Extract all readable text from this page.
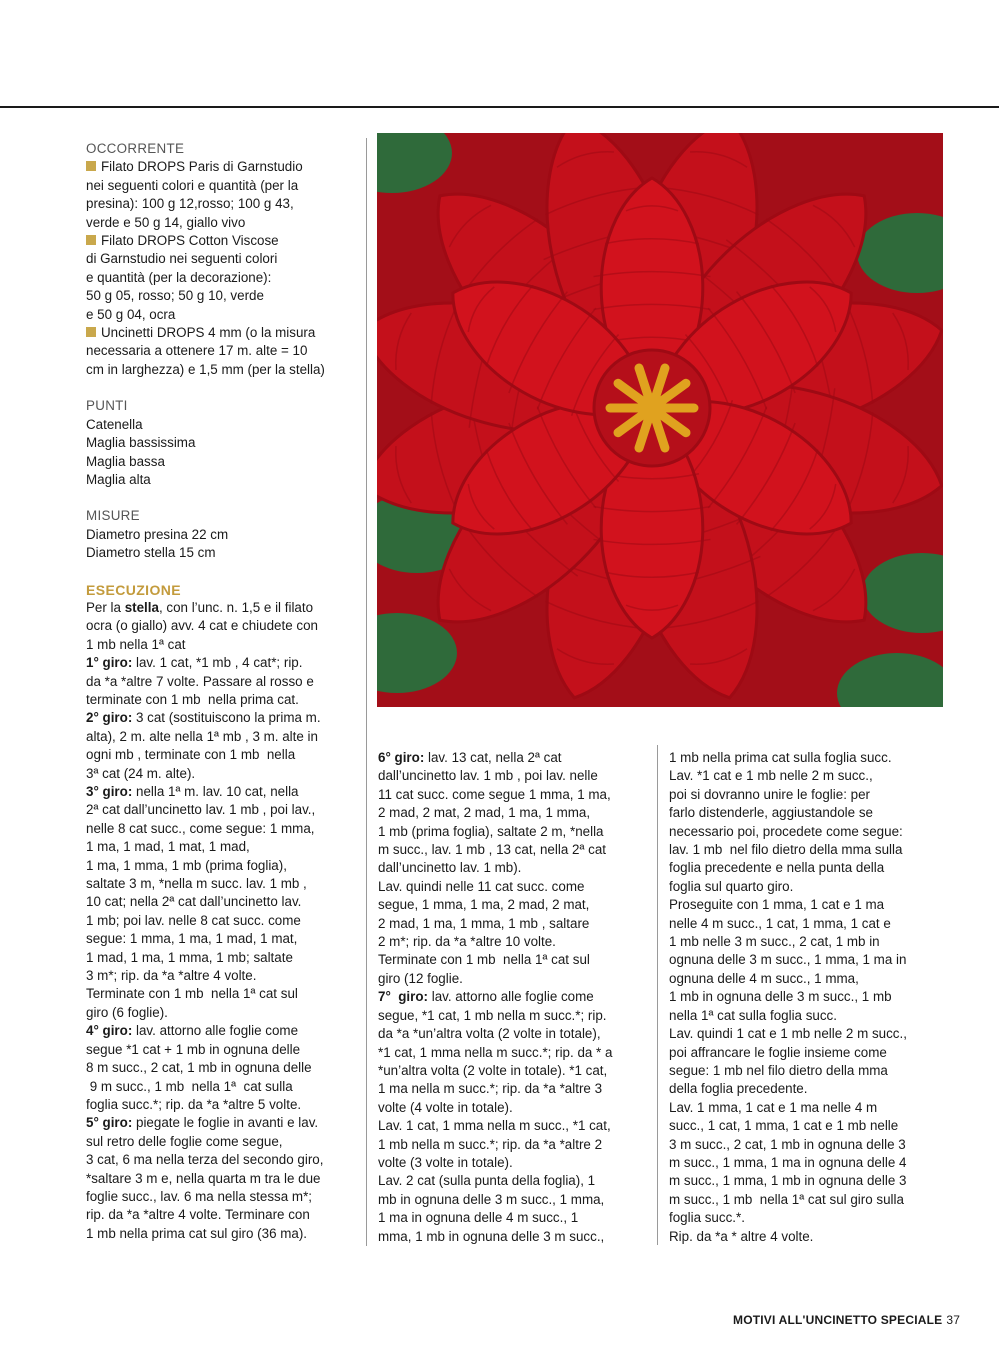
OCCORRENTE
Filato DROPS Paris di Garnstudio
nei seguenti colori e quantità (per la
presina): 100 g 12,rosso; 100 g 43,
verde e 50 g 14, giallo vivo
Filato DROPS Cotton Viscose
di Garnstudio nei seguenti colori
e quantità (per la decorazione):
50 g 05, rosso; 50 g 10, verde
e 50 g 04, ocra
Uncinetti DROPS 4 mm (o la misura
necessaria a ottenere 17 m. alte = 10
cm in larghezza) e 1,5 mm (per la stella)
PUNTI
Catenella
Maglia bassissima
Maglia bassa
Maglia alta
MISURE
Diametro presina 22 cm
Diametro stella 15 cm
ESECUZIONE
Per la stella, con l’unc. n. 1,5 e il filato
ocra (o giallo) avv. 4 cat e chiudete con
1 mb nella 1ª cat
1° giro: lav. 1 cat, *1 mb , 4 cat*; rip.
da *a *altre 7 volte. Passare al rosso e
terminate con 1 mb  nella prima cat.
2° giro: 3 cat (sostituiscono la prima m.
alta), 2 m. alte nella 1ª mb , 3 m. alte in
ogni mb , terminate con 1 mb  nella
3ª cat (24 m. alte).
3° giro: nella 1ª m. lav. 10 cat, nella
2ª cat dall’uncinetto lav. 1 mb , poi lav.,
nelle 8 cat succ., come segue: 1 mma,
1 ma, 1 mad, 1 mat, 1 mad,
1 ma, 1 mma, 1 mb (prima foglia),
saltate 3 m, *nella m succ. lav. 1 mb ,
10 cat; nella 2ª cat dall’uncinetto lav.
1 mb; poi lav. nelle 8 cat succ. come
segue: 1 mma, 1 ma, 1 mad, 1 mat,
1 mad, 1 ma, 1 mma, 1 mb; saltate
3 m*; rip. da *a *altre 4 volte.
Terminate con 1 mb  nella 1ª cat sul
giro (6 foglie).
4° giro: lav. attorno alle foglie come
segue *1 cat + 1 mb in ognuna delle
8 m succ., 2 cat, 1 mb in ognuna delle
9 m succ., 1 mb  nella 1ª  cat sulla
foglia succ.*; rip. da *a *altre 5 volte.
5° giro: piegate le foglie in avanti e lav.
sul retro delle foglie come segue,
3 cat, 6 ma nella terza del secondo giro,
*saltare 3 m e, nella quarta m tra le due
foglie succ., lav. 6 ma nella stessa m*;
rip. da *a *altre 4 volte. Terminare con
1 mb nella prima cat sul giro (36 ma).
6° giro: lav. 13 cat, nella 2ª cat
dall’uncinetto lav. 1 mb , poi lav. nelle
11 cat succ. come segue 1 mma, 1 ma,
2 mad, 2 mat, 2 mad, 1 ma, 1 mma,
1 mb (prima foglia), saltate 2 m, *nella
m succ., lav. 1 mb , 13 cat, nella 2ª cat
dall’uncinetto lav. 1 mb).
Lav. quindi nelle 11 cat succ. come
segue, 1 mma, 1 ma, 2 mad, 2 mat,
2 mad, 1 ma, 1 mma, 1 mb , saltare
2 m*; rip. da *a *altre 10 volte.
Terminate con 1 mb  nella 1ª cat sul
giro (12 foglie.
7°  giro: lav. attorno alle foglie come
segue, *1 cat, 1 mb nella m succ.*; rip.
da *a *un’altra volta (2 volte in totale),
*1 cat, 1 mma nella m succ.*; rip. da * a
*un’altra volta (2 volte in totale). *1 cat,
1 ma nella m succ.*; rip. da *a *altre 3
volte (4 volte in totale).
Lav. 1 cat, 1 mma nella m succ., *1 cat,
1 mb nella m succ.*; rip. da *a *altre 2
volte (3 volte in totale).
Lav. 2 cat (sulla punta della foglia), 1
mb in ognuna delle 3 m succ., 1 mma,
1 ma in ognuna delle 4 m succ., 1
mma, 1 mb in ognuna delle 3 m succ.,
1 mb nella prima cat sulla foglia succ.
Lav. *1 cat e 1 mb nelle 2 m succ.,
poi si dovranno unire le foglie: per
farlo distenderle, aggiustandole se
necessario poi, procedete come segue:
lav. 1 mb  nel filo dietro della mma sulla
foglia precedente e nella punta della
foglia sul quarto giro.
Proseguite con 1 mma, 1 cat e 1 ma
nelle 4 m succ., 1 cat, 1 mma, 1 cat e
1 mb nelle 3 m succ., 2 cat, 1 mb in
ognuna delle 3 m succ., 1 mma, 1 ma in
ognuna delle 4 m succ., 1 mma,
1 mb in ognuna delle 3 m succ., 1 mb
nella 1ª cat sulla foglia succ.
Lav. quindi 1 cat e 1 mb nelle 2 m succ.,
poi affrancare le foglie insieme come
segue: 1 mb nel filo dietro della mma
della foglia precedente.
Lav. 1 mma, 1 cat e 1 ma nelle 4 m
succ., 1 cat, 1 mma, 1 cat e 1 mb nelle
3 m succ., 2 cat, 1 mb in ognuna delle 3
m succ., 1 mma, 1 ma in ognuna delle 4
m succ., 1 mma, 1 mb in ognuna delle 3
m succ., 1 mb  nella 1ª cat sul giro sulla
foglia succ.*.
Rip. da *a * altre 4 volte.
MOTIVI ALL'UNCINETTO SPECIALE 37
